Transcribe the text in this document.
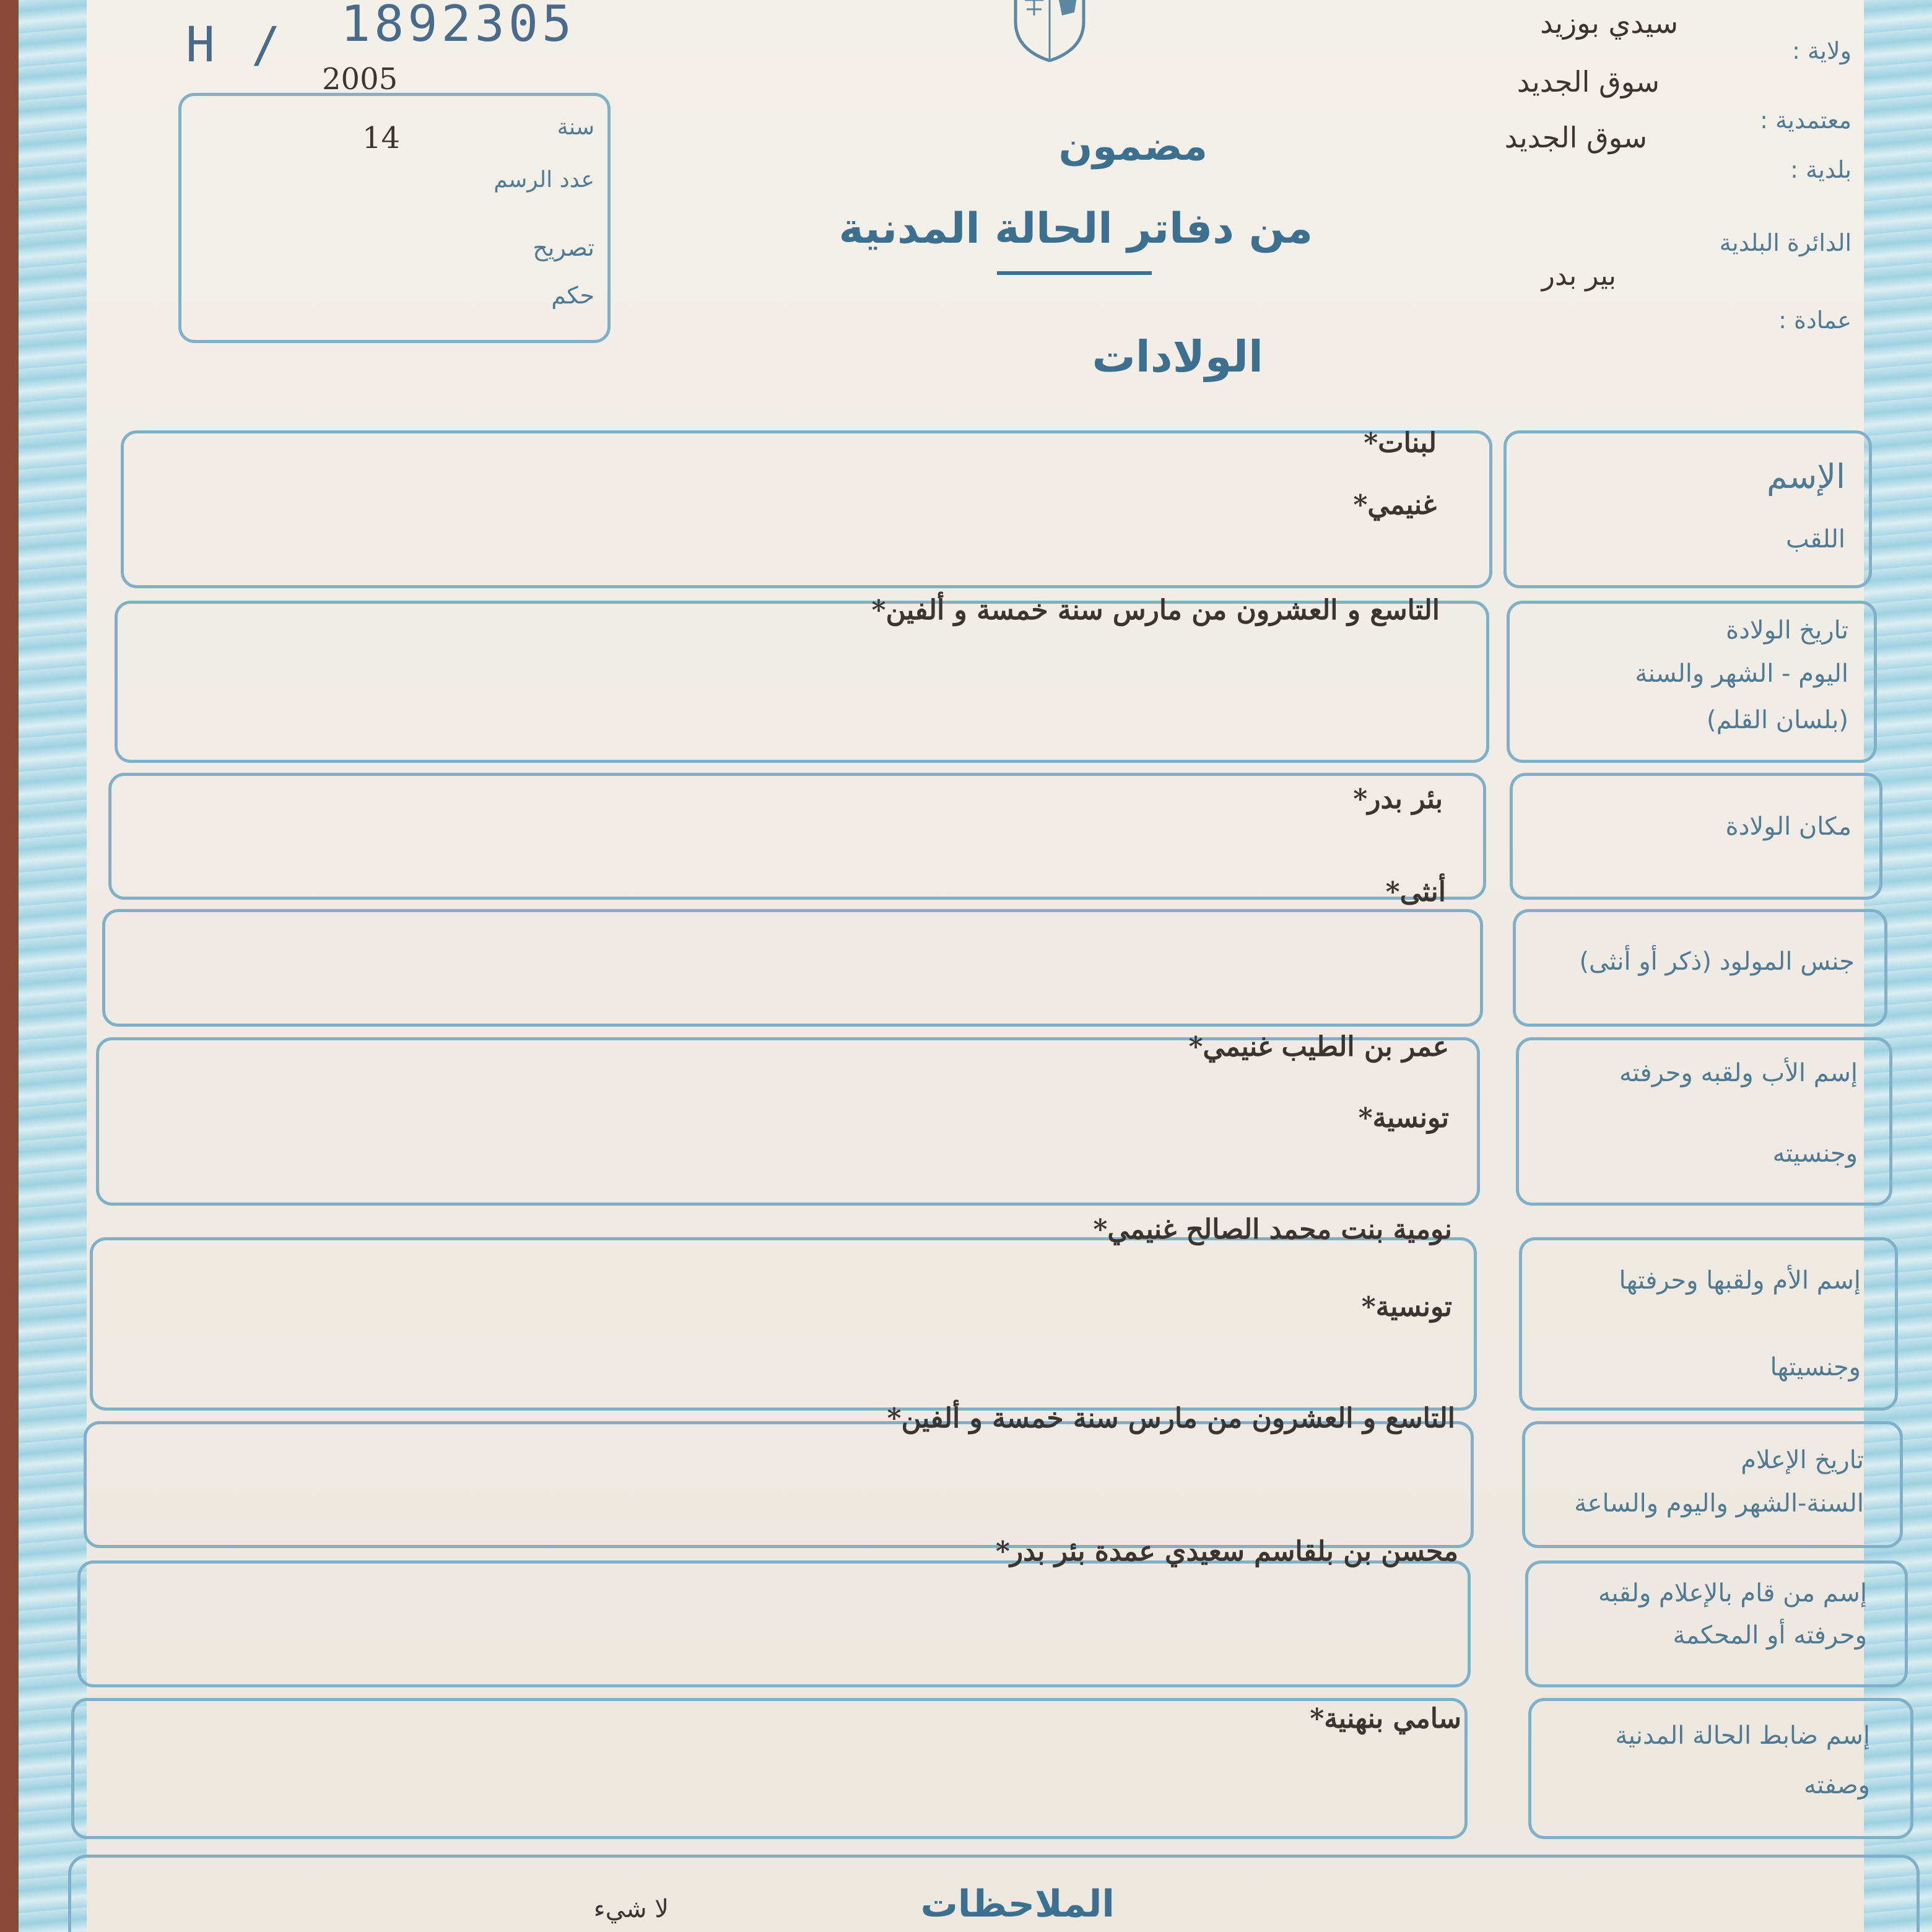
H / 1892305
2005
14	سنة
عدد الرسم
تصريح
حكم
ولاية :
سيدي بوزيد
معتمدية :
سوق الجديد
بلدية :
سوق الجديد
الدائرة البلدية
بير بدر
عمادة :
مضمون
من دفاتر الحالة المدنية
الولادات
الإسم
اللقب
لبنات*
غنيمي*
تاريخ الولادة
اليوم - الشهر والسنة
(بلسان القلم)
التاسع و العشرون من مارس سنة خمسة و ألفين*
مكان الولادة
بئر بدر*
جنس المولود (ذكر أو أنثى)
أنثى*
إسم الأب ولقبه وحرفته
وجنسيته
عمر بن الطيب غنيمي*
تونسية*
إسم الأم ولقبها وحرفتها
وجنسيتها
نومية بنت محمد الصالح غنيمي*
تونسية*
تاريخ الإعلام
السنة-الشهر واليوم والساعة
التاسع و العشرون من مارس سنة خمسة و ألفين*
إسم من قام بالإعلام ولقبه
وحرفته أو المحكمة
محسن بن بلقاسم سعيدي عمدة بئر بدر*
إسم ضابط الحالة المدنية
وصفته
سامي بنهنية*
الملاحظات
لا شيء
